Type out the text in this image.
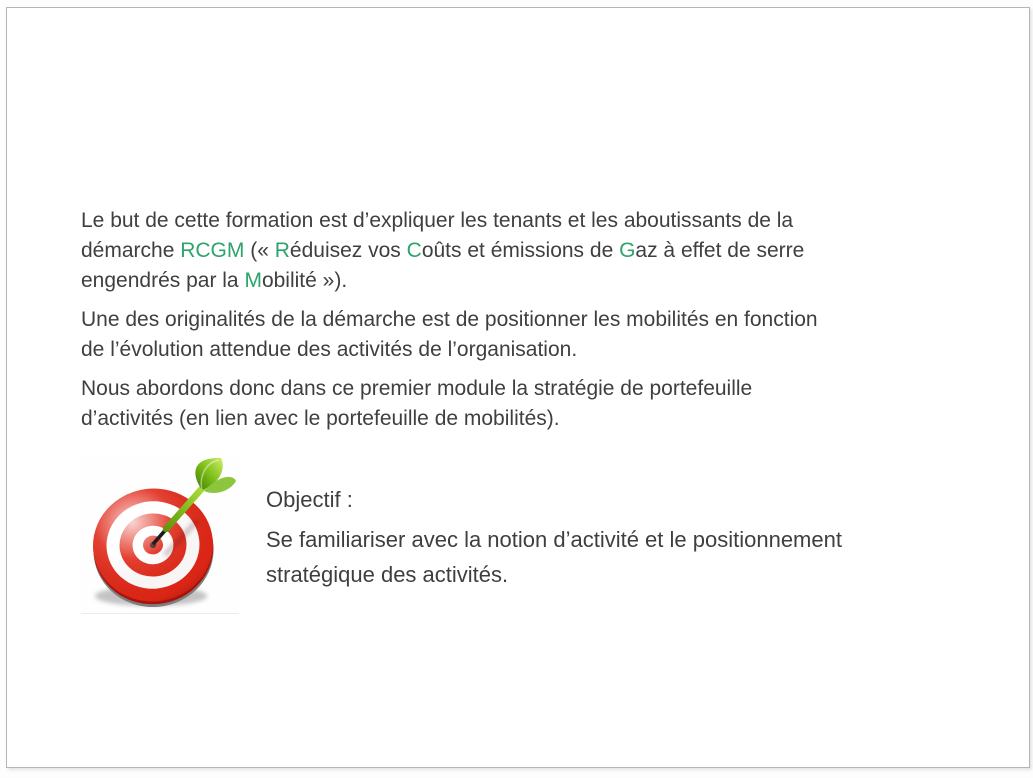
Le but de cette formation est d’expliquer les tenants et les aboutissants de la
démarche RCGM (« Réduisez vos Coûts et émissions de Gaz à effet de serre
engendrés par la Mobilité »).

Une des originalités de la démarche est de positionner les mobilités en fonction
de l’évolution attendue des activités de l’organisation.

Nous abordons donc dans ce premier module la stratégie de portefeuille
d’activités (en lien avec le portefeuille de mobilités).

Objectif :

Se familiariser avec la notion d’activité et le positionnement
stratégique des activités.
